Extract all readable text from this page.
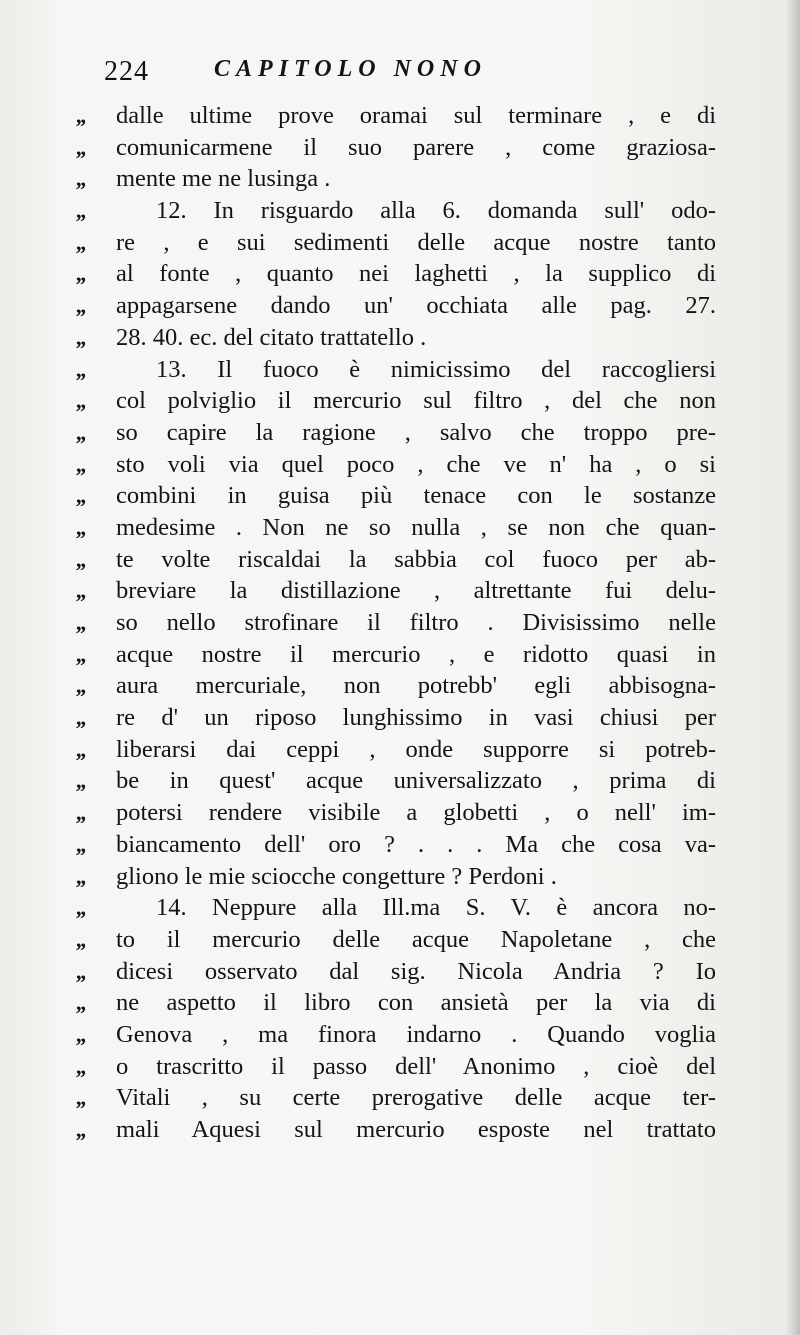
224	CAPITOLO NONO
,,	dalle ultime prove oramai sul terminare , e di
,,	comunicarmene il suo parere , come graziosa-
,,	mente me ne lusinga .
,,	12. In risguardo alla 6. domanda sull' odo-
,,	re , e sui sedimenti delle acque nostre tanto
,,	al fonte , quanto nei laghetti , la supplico di
,,	appagarsene dando un' occhiata alle pag. 27.
,,	28. 40. ec. del citato trattatello .
,,	13. Il fuoco è nimicissimo del raccogliersi
,,	col polviglio il mercurio sul filtro , del che non
,,	so capire la ragione , salvo che troppo pre-
,,	sto voli via quel poco , che ve n' ha , o si
,,	combini in guisa più tenace con le sostanze
,,	medesime . Non ne so nulla , se non che quan-
,,	te volte riscaldai la sabbia col fuoco per ab-
,,	breviare la distillazione , altrettante fui delu-
,,	so nello strofinare il filtro . Divisissimo nelle
,,	acque nostre il mercurio , e ridotto quasi in
,,	aura mercuriale, non potrebb' egli abbisogna-
,,	re d' un riposo lunghissimo in vasi chiusi per
,,	liberarsi dai ceppi , onde supporre si potreb-
,,	be in quest' acque universalizzato , prima di
,,	potersi rendere visibile a globetti , o nell' im-
,,	biancamento dell' oro ? . . . Ma che cosa va-
,,	gliono le mie sciocche congetture ? Perdoni .
,,	14. Neppure alla Ill.ma S. V. è ancora no-
,,	to il mercurio delle acque Napoletane , che
,,	dicesi osservato dal sig. Nicola Andria ? Io
,,	ne aspetto il libro con ansietà per la via di
,,	Genova , ma finora indarno . Quando voglia
,,	o trascritto il passo dell' Anonimo , cioè del
,,	Vitali , su certe prerogative delle acque ter-
,,	mali Aquesi sul mercurio esposte nel trattato
